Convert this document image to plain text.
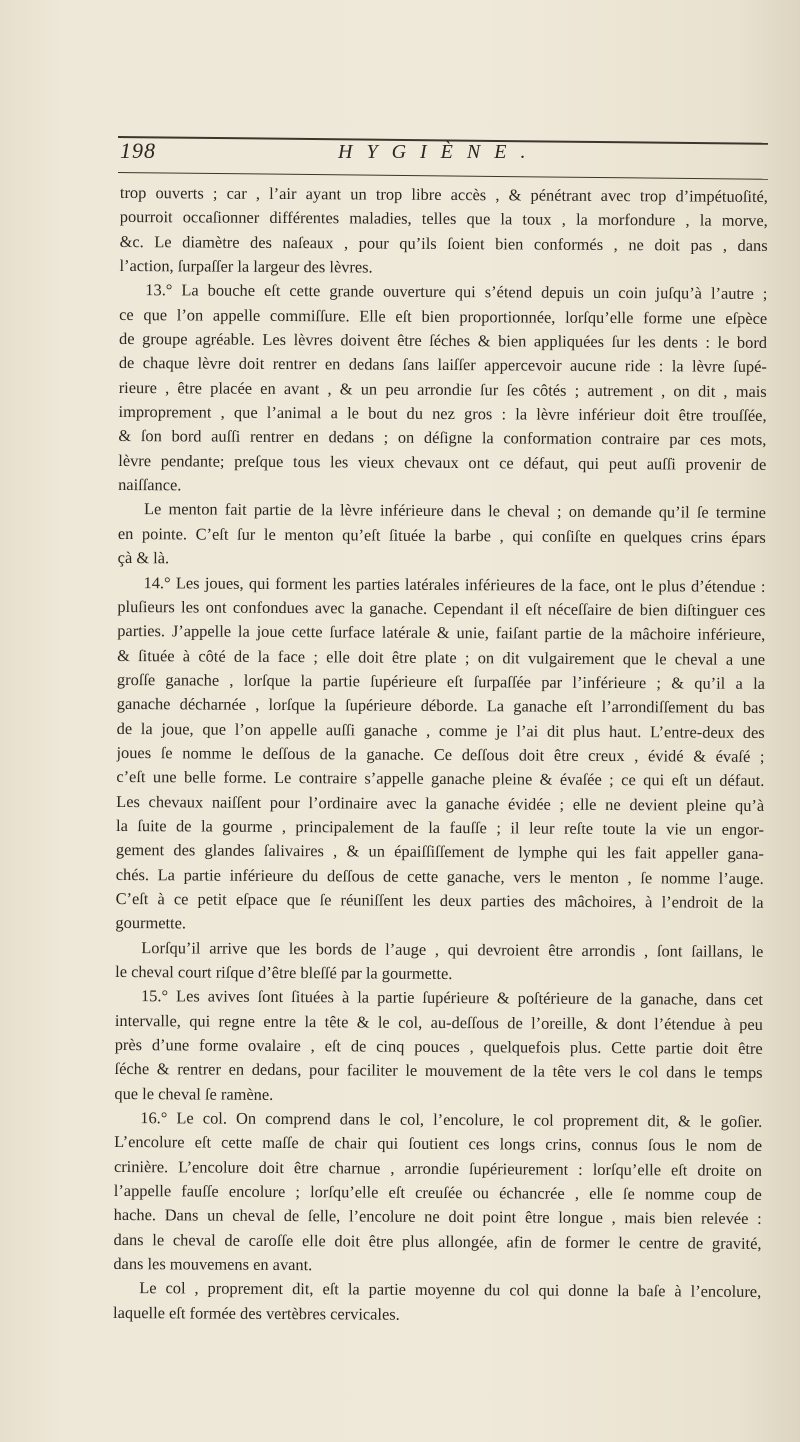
198	HYGIÈNE.
trop ouverts ; car , l’air ayant un trop libre accès , & pénétrant avec trop d’impétuoſité,
pourroit occaſionner différentes maladies, telles que la toux , la morfondure , la morve,
&c. Le diamètre des naſeaux , pour qu’ils ſoient bien conformés , ne doit pas , dans
l’action, ſurpaſſer la largeur des lèvres.
13.° La bouche eſt cette grande ouverture qui s’étend depuis un coin juſqu’à l’autre ;
ce que l’on appelle commiſſure. Elle eſt bien proportionnée, lorſqu’elle forme une eſpèce
de groupe agréable. Les lèvres doivent être ſéches & bien appliquées ſur les dents : le bord
de chaque lèvre doit rentrer en dedans ſans laiſſer appercevoir aucune ride : la lèvre ſupé-
rieure , être placée en avant , & un peu arrondie ſur ſes côtés ; autrement , on dit , mais
improprement , que l’animal a le bout du nez gros : la lèvre inférieur doit être trouſſée,
& ſon bord auſſi rentrer en dedans ; on déſigne la conformation contraire par ces mots,
lèvre pendante; preſque tous les vieux chevaux ont ce défaut, qui peut auſſi provenir de
naiſſance.
Le menton fait partie de la lèvre inférieure dans le cheval ; on demande qu’il ſe termine
en pointe. C’eſt ſur le menton qu’eſt ſituée la barbe , qui conſiſte en quelques crins épars
çà & là.
14.° Les joues, qui forment les parties latérales inférieures de la face, ont le plus d’étendue :
pluſieurs les ont confondues avec la ganache. Cependant il eſt néceſſaire de bien diſtinguer ces
parties. J’appelle la joue cette ſurface latérale & unie, faiſant partie de la mâchoire inférieure,
& ſituée à côté de la face ; elle doit être plate ; on dit vulgairement que le cheval a une
groſſe ganache , lorſque la partie ſupérieure eſt ſurpaſſée par l’inférieure ; & qu’il a la
ganache décharnée , lorſque la ſupérieure déborde. La ganache eſt l’arrondiſſement du bas
de la joue, que l’on appelle auſſi ganache , comme je l’ai dit plus haut. L’entre-deux des
joues ſe nomme le deſſous de la ganache. Ce deſſous doit être creux , évidé & évaſé ;
c’eſt une belle forme. Le contraire s’appelle ganache pleine & évaſée ; ce qui eſt un défaut.
Les chevaux naiſſent pour l’ordinaire avec la ganache évidée ; elle ne devient pleine qu’à
la ſuite de la gourme , principalement de la fauſſe ; il leur reſte toute la vie un engor-
gement des glandes ſalivaires , & un épaiſſiſſement de lymphe qui les fait appeller gana-
chés. La partie inférieure du deſſous de cette ganache, vers le menton , ſe nomme l’auge.
C’eſt à ce petit eſpace que ſe réuniſſent les deux parties des mâchoires, à l’endroit de la
gourmette.
Lorſqu’il arrive que les bords de l’auge , qui devroient être arrondis , ſont ſaillans, le
le cheval court riſque d’être bleſſé par la gourmette.
15.° Les avives ſont ſituées à la partie ſupérieure & poſtérieure de la ganache, dans cet
intervalle, qui regne entre la tête & le col, au-deſſous de l’oreille, & dont l’étendue à peu
près d’une forme ovalaire , eſt de cinq pouces , quelquefois plus. Cette partie doit être
ſéche & rentrer en dedans, pour faciliter le mouvement de la tête vers le col dans le temps
que le cheval ſe ramène.
16.° Le col. On comprend dans le col, l’encolure, le col proprement dit, & le goſier.
L’encolure eſt cette maſſe de chair qui ſoutient ces longs crins, connus ſous le nom de
crinière. L’encolure doit être charnue , arrondie ſupérieurement : lorſqu’elle eſt droite on
l’appelle fauſſe encolure ; lorſqu’elle eſt creuſée ou échancrée , elle ſe nomme coup de
hache. Dans un cheval de ſelle, l’encolure ne doit point être longue , mais bien relevée :
dans le cheval de caroſſe elle doit être plus allongée, afin de former le centre de gravité,
dans les mouvemens en avant.
Le col , proprement dit, eſt la partie moyenne du col qui donne la baſe à l’encolure,
laquelle eſt formée des vertèbres cervicales.
